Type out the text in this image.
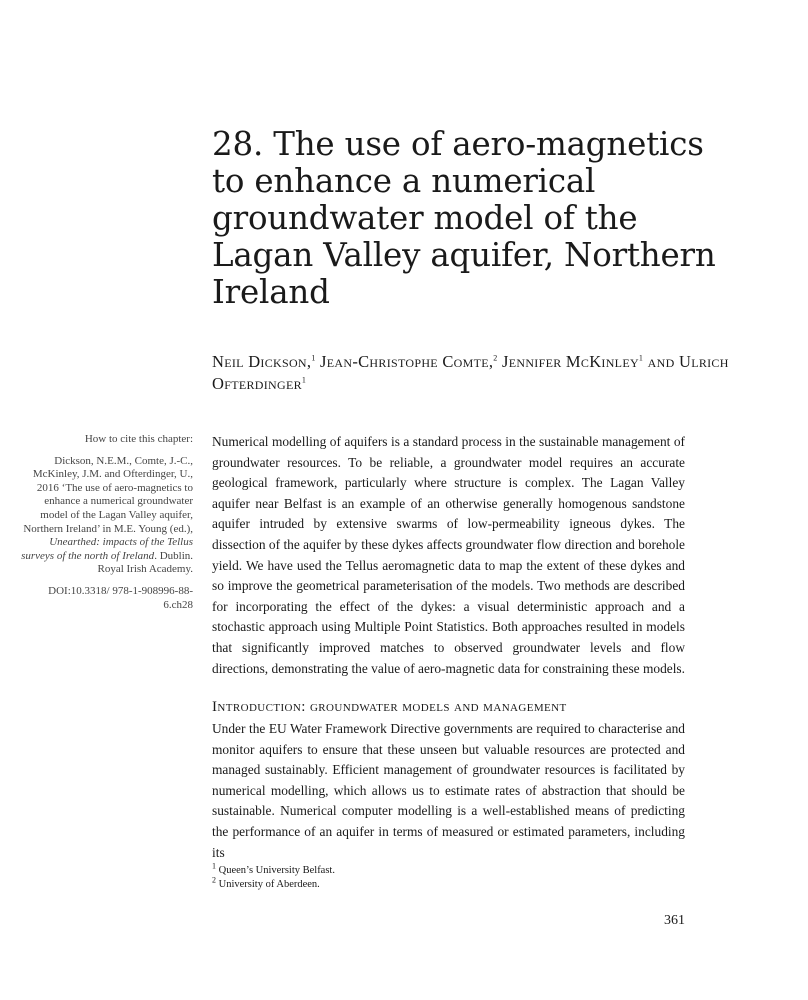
28. The use of aero-magnetics to enhance a numerical groundwater model of the Lagan Valley aquifer, Northern Ireland
Neil Dickson,$^1$ Jean-Christophe Comte,$^2$ Jennifer McKinley$^1$ and Ulrich Ofterdinger$^1$

How to cite this chapter:

Dickson, N.E.M., Comte, J.-C., McKinley, J.M. and Ofterdinger, U., 2016 ‘The use of aero-magnetics to enhance a numerical groundwater model of the Lagan Valley aquifer, Northern Ireland’ in M.E. Young (ed.), Unearthed: impacts of the Tellus surveys of the north of Ireland. Dublin. Royal Irish Academy.

DOI:10.3318/ 978-1-908996-88-6.ch28

Numerical modelling of aquifers is a standard process in the sustainable management of groundwater resources. To be reliable, a groundwater model requires an accurate geological framework, particularly where structure is complex. The Lagan Valley aquifer near Belfast is an example of an otherwise generally homogenous sandstone aquifer intruded by extensive swarms of low-permeability igneous dykes. The dissection of the aquifer by these dykes affects groundwater flow direction and borehole yield. We have used the Tellus aeromagnetic data to map the extent of these dykes and so improve the geometrical parameterisation of the models. Two methods are described for incorporating the effect of the dykes: a visual deterministic approach and a stochastic approach using Multiple Point Statistics. Both approaches resulted in models that significantly improved matches to observed groundwater levels and flow directions, demonstrating the value of aero-magnetic data for constraining these models.

Introduction: groundwater models and management

Under the EU Water Framework Directive governments are required to characterise and monitor aquifers to ensure that these unseen but valuable resources are protected and managed sustainably. Efficient management of groundwater resources is facilitated by numerical modelling, which allows us to estimate rates of abstraction that should be sustainable. Numerical computer modelling is a well-established means of predicting the performance of an aquifer in terms of measured or estimated parameters, including its

$^1$ Queen’s University Belfast.

$^2$ University of Aberdeen.

361
